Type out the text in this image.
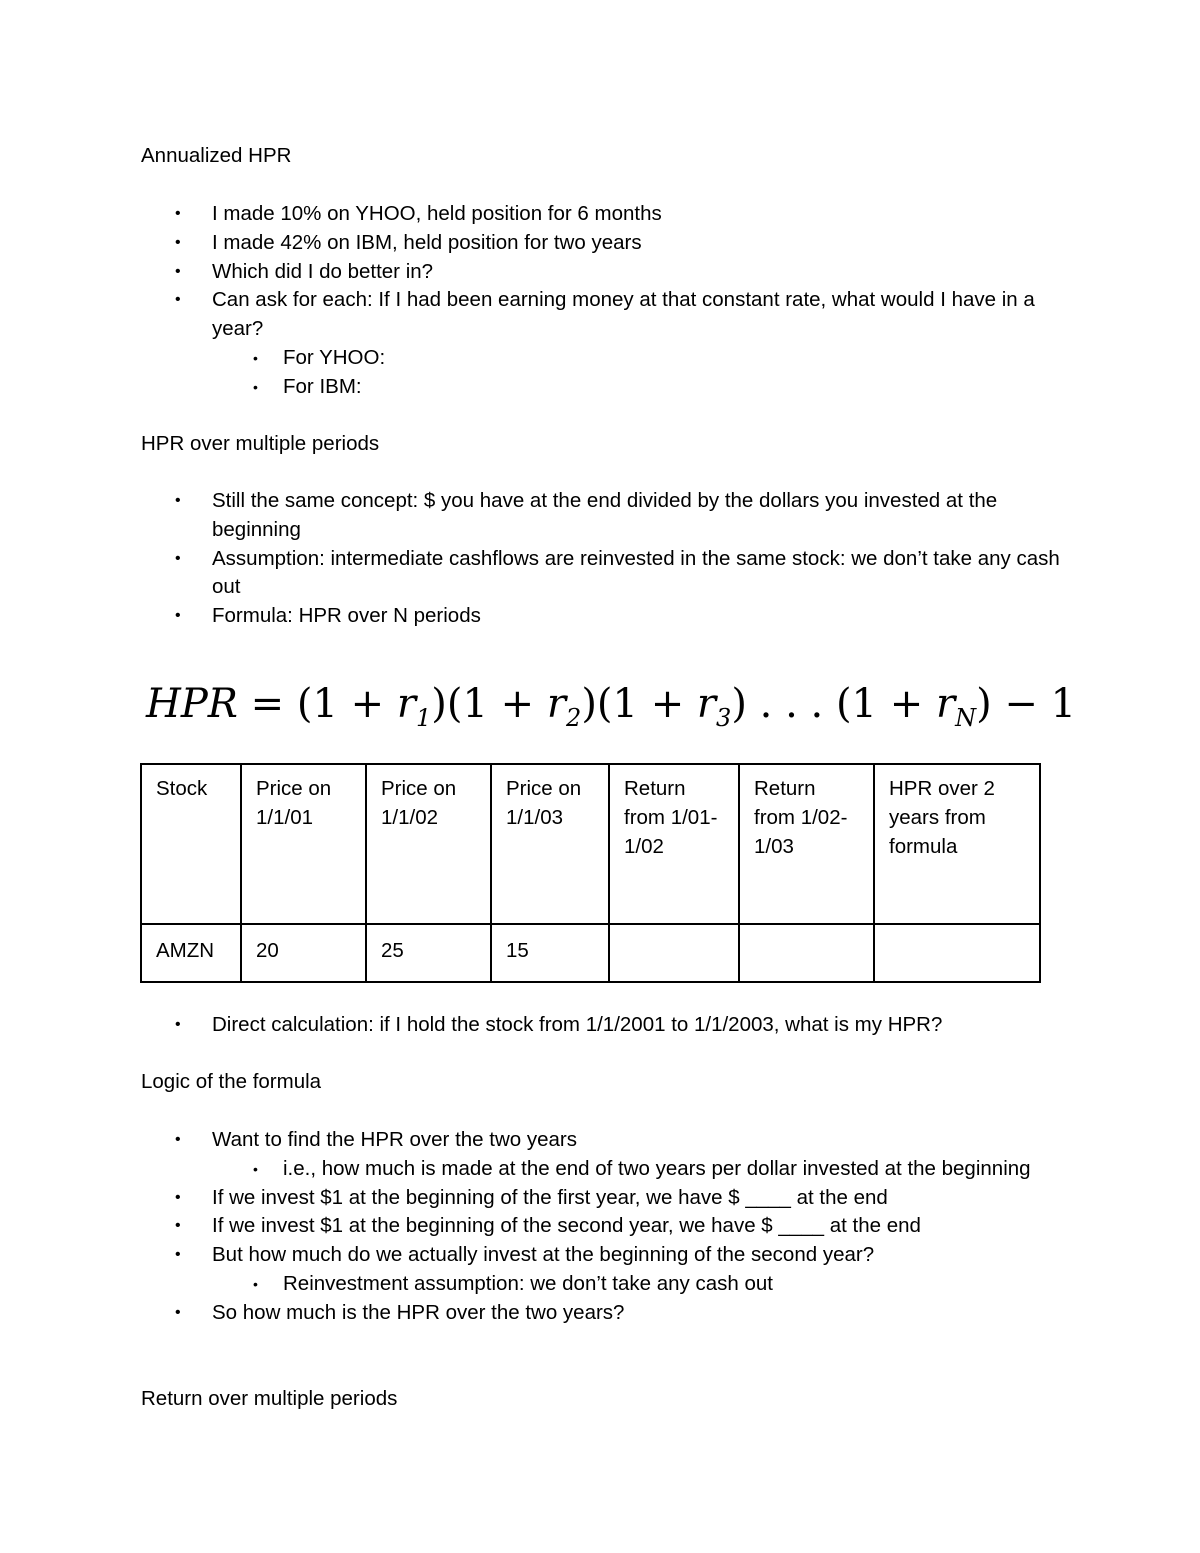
Annualized HPR

• I made 10% on YHOO, held position for 6 months
• I made 42% on IBM, held position for two years
• Which did I do better in?
• Can ask for each: If I had been earning money at that constant rate, what would I have in a year?
• For YHOO:
• For IBM:

HPR over multiple periods

• Still the same concept: $ you have at the end divided by the dollars you invested at the beginning
• Assumption: intermediate cashflows are reinvested in the same stock: we don’t take any cash out
• Formula: HPR over N periods
HPR = $(1 + r_1)(1 + r_2)(1 + r_3)$ . . . $(1 + r_N) - 1$
Stock	Price on 1/1/01	Price on 1/1/02	Price on 1/1/03	Return from 1/01-1/02	Return from 1/02-1/03	HPR over 2 years from formula
AMZN	20	25	15			
• Direct calculation: if I hold the stock from 1/1/2001 to 1/1/2003, what is my HPR?

Logic of the formula

• Want to find the HPR over the two years
• i.e., how much is made at the end of two years per dollar invested at the beginning
• If we invest $1 at the beginning of the first year, we have $ ____ at the end
• If we invest $1 at the beginning of the second year, we have $ ____ at the end
• But how much do we actually invest at the beginning of the second year?
• Reinvestment assumption: we don’t take any cash out
• So how much is the HPR over the two years?

Return over multiple periods
